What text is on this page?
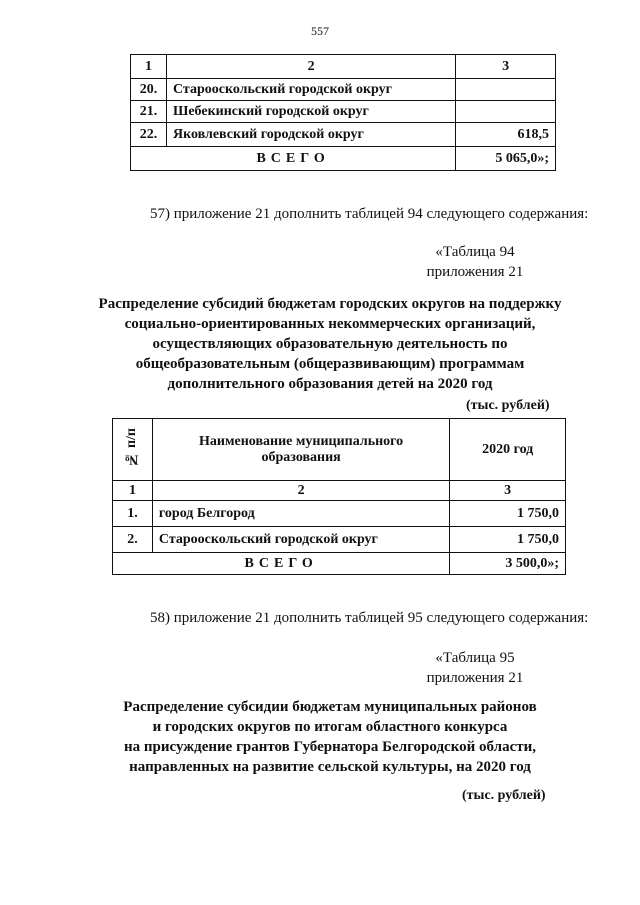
557
1	2	3
20.	Старооскольский городской округ	
21.	Шебекинский городской округ	
22.	Яковлевский городской округ	618,5
ВСЕГО		5 065,0»;
57) приложение 21 дополнить таблицей 94 следующего содержания:
«Таблица 94
приложения 21
Распределение субсидий бюджетам городских округов на поддержку
социально-ориентированных некоммерческих организаций,
осуществляющих образовательную деятельность по
общеобразовательным (общеразвивающим) программам
дополнительного образования детей на 2020 год
(тыс. рублей)
№ п/п	Наименование муниципального образования	2020 год
1	2	3
1.	город Белгород	1 750,0
2.	Старооскольский городской округ	1 750,0
ВСЕГО		3 500,0»;
58) приложение 21 дополнить таблицей 95 следующего содержания:
«Таблица 95
приложения 21
Распределение субсидии бюджетам муниципальных районов
и городских округов по итогам областного конкурса
на присуждение грантов Губернатора Белгородской области,
направленных на развитие сельской культуры, на 2020 год
(тыс. рублей)
